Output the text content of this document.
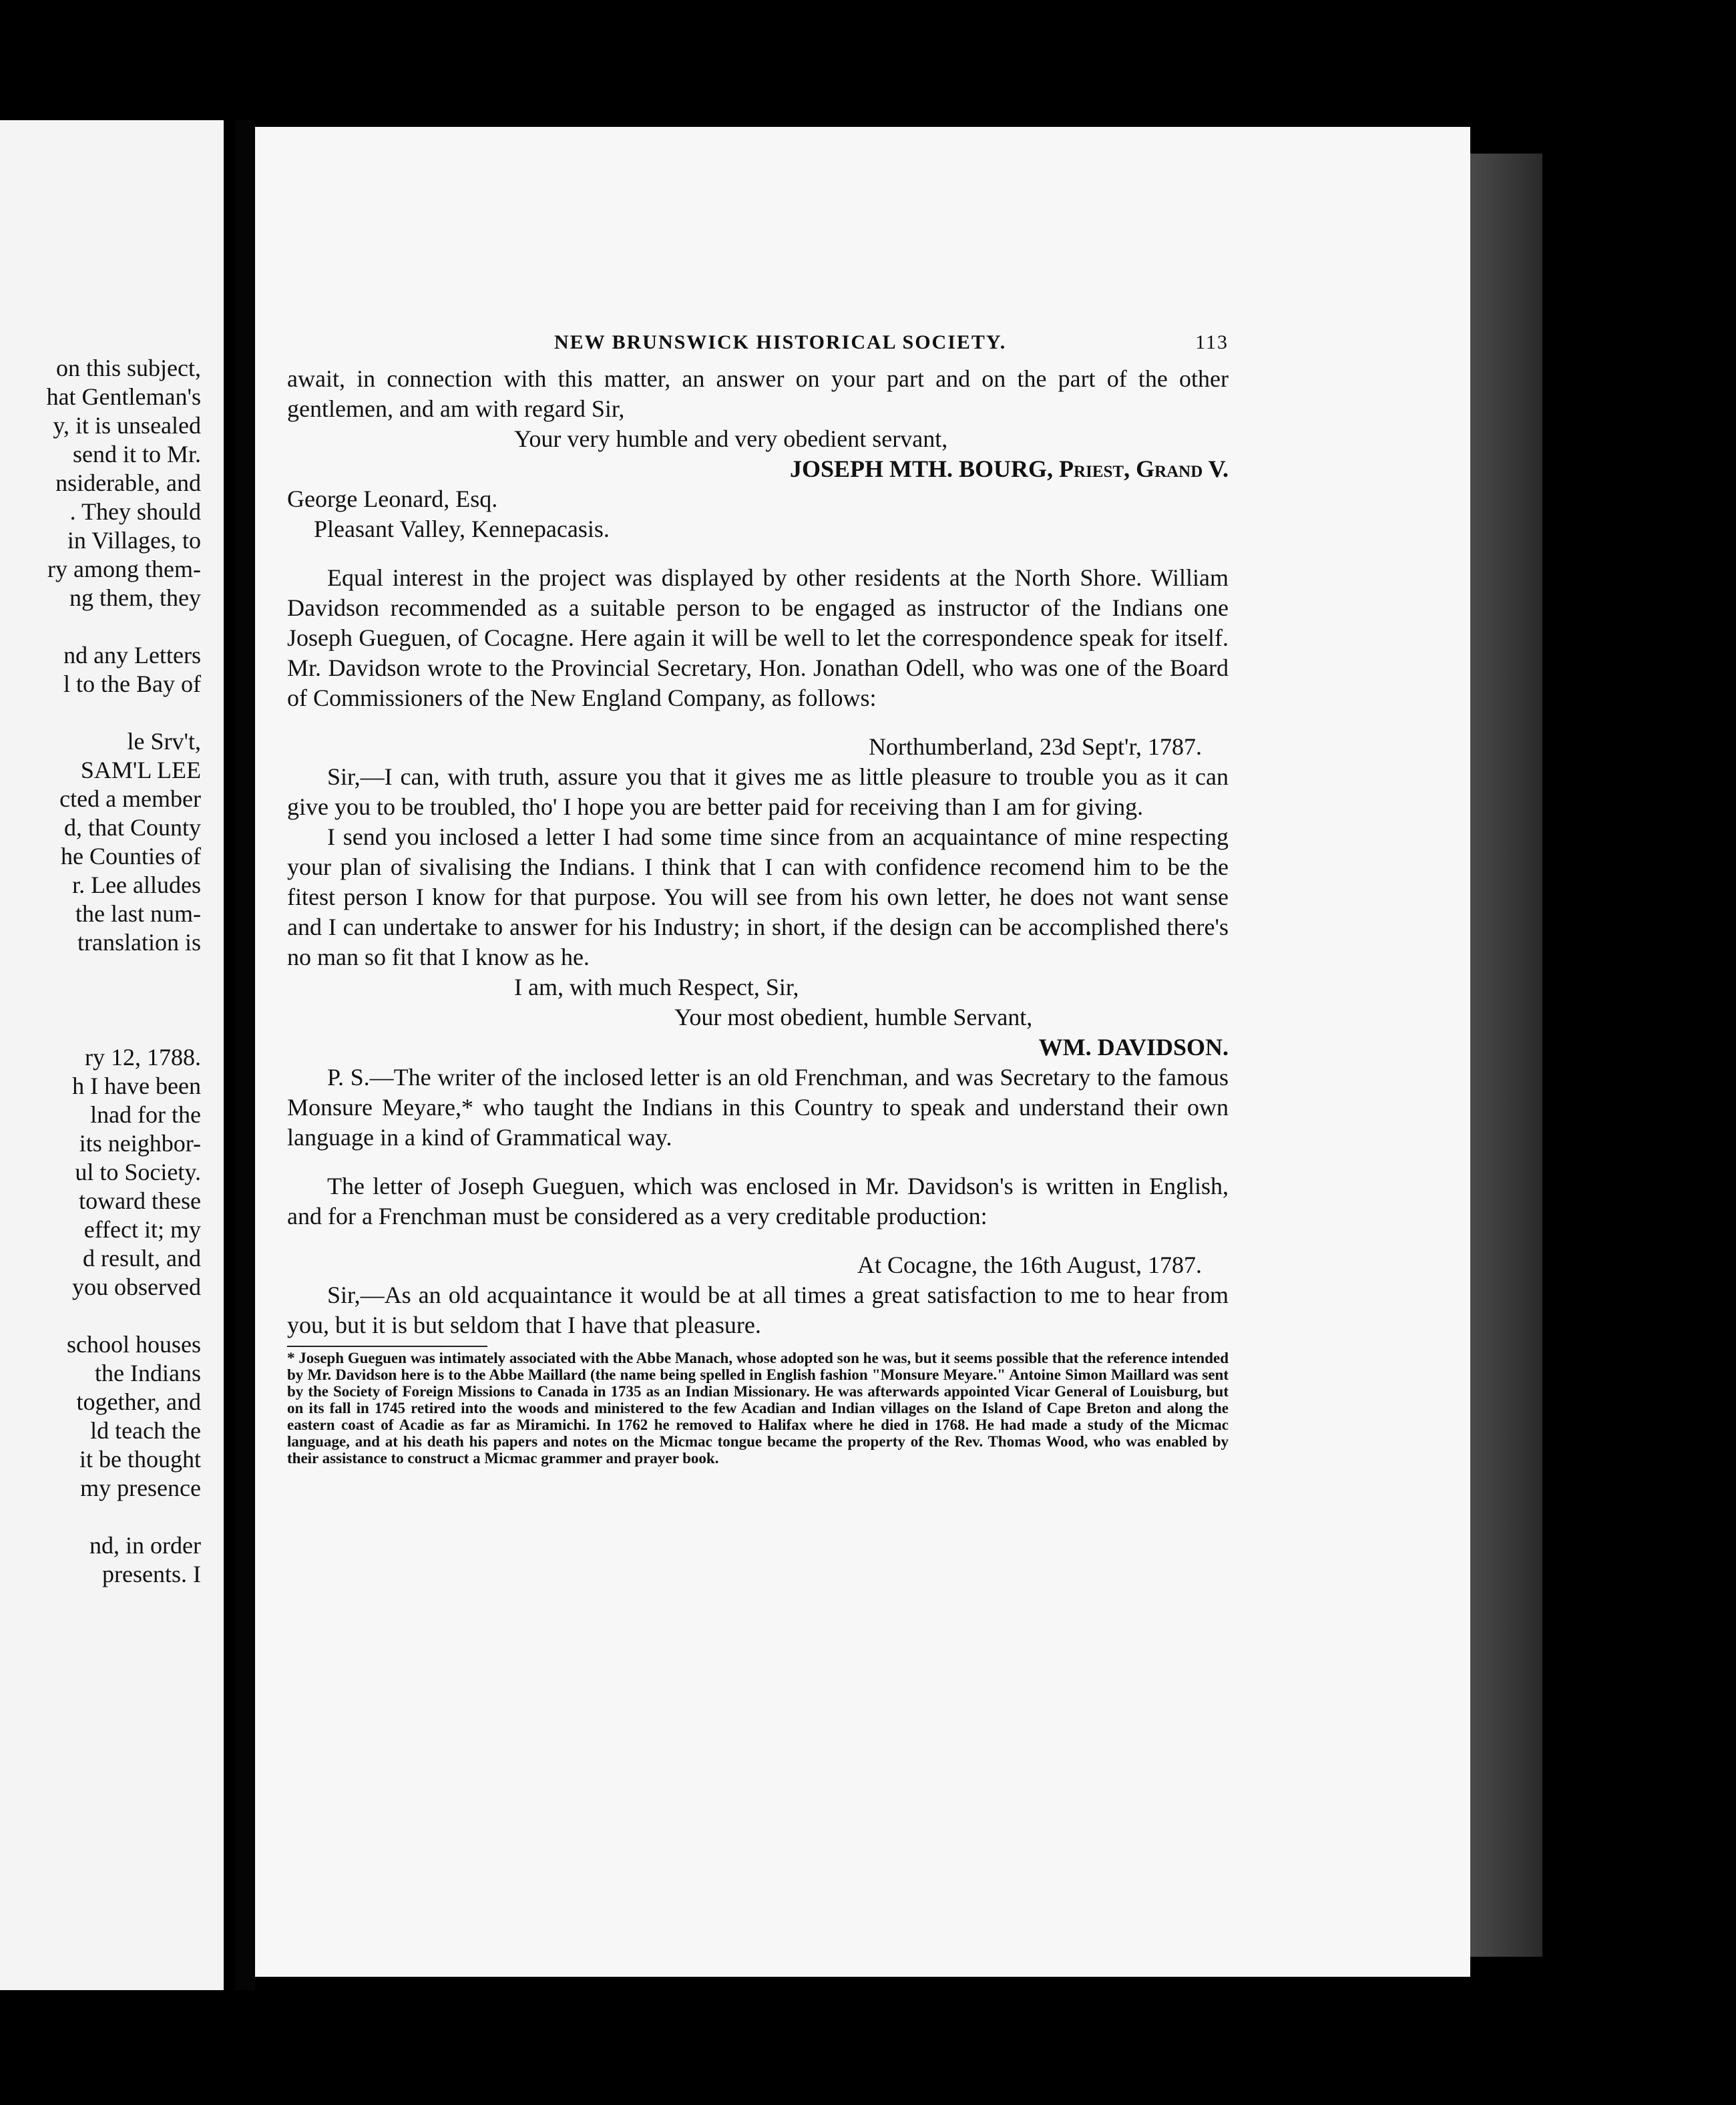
on this subject,
hat Gentleman's
y, it is unsealed
send it to Mr.
nsiderable, and
. They should
in Villages, to
ry among them-
ng them, they
nd any Letters
l to the Bay of
le Srv't,
SAM'L LEE
cted a member
d, that County
he Counties of
r. Lee alludes
the last num-
translation is
ry 12, 1788.
h I have been
lnad for the
its neighbor-
ul to Society.
toward these
effect it; my
d result, and
you observed
school houses
the Indians
together, and
ld teach the
it be thought
my presence
nd, in order
presents. I
NEW BRUNSWICK HISTORICAL SOCIETY.	113

await, in connection with this matter, an answer on your part and on the part of the other gentlemen, and am with regard Sir,

Your very humble and very obedient servant,
JOSEPH MTH. BOURG, Priest, Grand V.
George Leonard, Esq.
Pleasant Valley, Kennepacasis.

Equal interest in the project was displayed by other residents at the North Shore. William Davidson recommended as a suitable person to be engaged as instructor of the Indians one Joseph Gueguen, of Cocagne. Here again it will be well to let the correspondence speak for itself. Mr. Davidson wrote to the Provincial Secretary, Hon. Jonathan Odell, who was one of the Board of Commissioners of the New England Company, as follows:

Northumberland, 23d Sept'r, 1787.

Sir,—I can, with truth, assure you that it gives me as little pleasure to trouble you as it can give you to be troubled, tho' I hope you are better paid for receiving than I am for giving.

I send you inclosed a letter I had some time since from an acquaintance of mine respecting your plan of sivalising the Indians. I think that I can with confidence recomend him to be the fitest person I know for that purpose. You will see from his own letter, he does not want sense and I can undertake to answer for his Industry; in short, if the design can be accomplished there's no man so fit that I know as he.

I am, with much Respect, Sir,
Your most obedient, humble Servant,
WM. DAVIDSON.

P. S.—The writer of the inclosed letter is an old Frenchman, and was Secretary to the famous Monsure Meyare,* who taught the Indians in this Country to speak and understand their own language in a kind of Grammatical way.

The letter of Joseph Gueguen, which was enclosed in Mr. Davidson's is written in English, and for a Frenchman must be considered as a very creditable production:

At Cocagne, the 16th August, 1787.

Sir,—As an old acquaintance it would be at all times a great satisfaction to me to hear from you, but it is but seldom that I have that pleasure.

* Joseph Gueguen was intimately associated with the Abbe Manach, whose adopted son he was, but it seems possible that the reference intended by Mr. Davidson here is to the Abbe Maillard (the name being spelled in English fashion "Monsure Meyare." Antoine Simon Maillard was sent by the Society of Foreign Missions to Canada in 1735 as an Indian Missionary. He was afterwards appointed Vicar General of Louisburg, but on its fall in 1745 retired into the woods and ministered to the few Acadian and Indian villages on the Island of Cape Breton and along the eastern coast of Acadie as far as Miramichi. In 1762 he removed to Halifax where he died in 1768. He had made a study of the Micmac language, and at his death his papers and notes on the Micmac tongue became the property of the Rev. Thomas Wood, who was enabled by their assistance to construct a Micmac grammer and prayer book.
